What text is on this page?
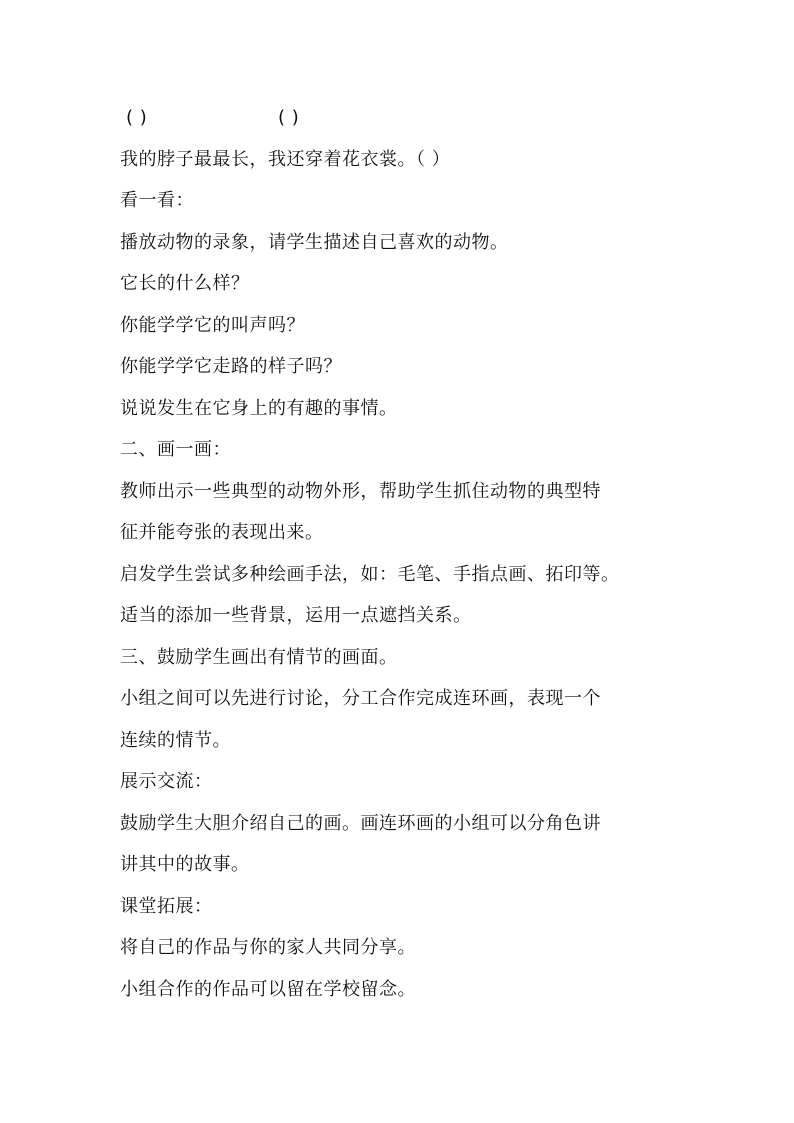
( )	( )
我的脖子最最长，我还穿着花衣裳。（ ）
看一看：
播放动物的录象，请学生描述自己喜欢的动物。
它长的什么样？
你能学学它的叫声吗？
你能学学它走路的样子吗？
说说发生在它身上的有趣的事情。
二、画一画：
教师出示一些典型的动物外形，帮助学生抓住动物的典型特
征并能夸张的表现出来。
启发学生尝试多种绘画手法，如：毛笔、手指点画、拓印等。
适当的添加一些背景，运用一点遮挡关系。
三、鼓励学生画出有情节的画面。
小组之间可以先进行讨论，分工合作完成连环画，表现一个
连续的情节。
展示交流：
鼓励学生大胆介绍自己的画。画连环画的小组可以分角色讲
讲其中的故事。
课堂拓展：
将自己的作品与你的家人共同分享。
小组合作的作品可以留在学校留念。
